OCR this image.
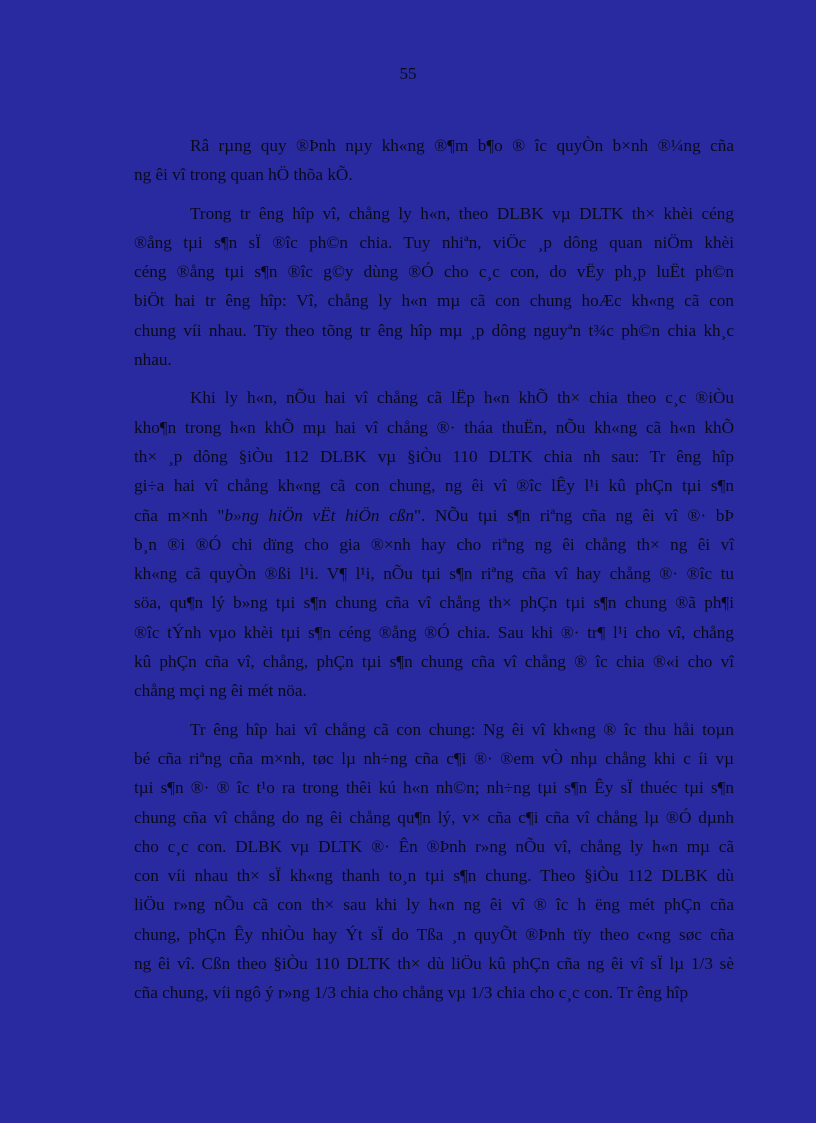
55
Râ rµng quy ®Þnh nµy kh«ng ®¶m b¶o ® îc quyÒn b×nh ®¼ng cña
ng êi vî trong quan hÖ thõa kÕ.
Trong tr êng hîp vî, chång ly h«n, theo DLBK vµ DLTK th× khèi céng
®ång tµi s¶n sÏ ®îc ph©n chia. Tuy nhiªn, viÖc ¸p dông quan niÖm khèi
céng ®ång tµi s¶n ®îc g©y dùng ®Ó cho c¸c con, do vËy ph¸p luËt ph©n
biÖt hai tr êng hîp: Vî, chång ly h«n mµ cã con chung hoÆc kh«ng cã con
chung víi nhau. Tïy theo tõng tr êng hîp mµ ¸p dông nguyªn t¾c ph©n chia kh¸c
nhau.
Khi ly h«n, nÕu hai vî chång cã lËp h«n khÕ th× chia theo c¸c ®iÒu
kho¶n trong h«n khÕ mµ hai vî chång ®· tháa thuËn, nÕu kh«ng cã h«n khÕ
th× ¸p dông §iÒu 112 DLBK vµ §iÒu 110 DLTK chia nh sau: Tr êng hîp
gi÷a hai vî chång kh«ng cã con chung, ng êi vî ®îc lÊy l¹i kû phÇn tµi s¶n
cña m×nh "b»ng hiÖn vËt hiÖn cßn". NÕu tµi s¶n riªng cña ng êi vî ®· bÞ
b¸n ®i ®Ó chi dïng cho gia ®×nh hay cho riªng ng êi chång th× ng êi vî
kh«ng cã quyÒn ®ßi l¹i. V¶ l¹i, nÕu tµi s¶n riªng cña vî hay chång ®· ®îc tu
söa, qu¶n lý b»ng tµi s¶n chung cña vî chång th× phÇn tµi s¶n chung ®ã ph¶i
®îc tÝnh vµo khèi tµi s¶n céng ®ång ®Ó chia. Sau khi ®· tr¶ l¹i cho vî, chång
kû phÇn cña vî, chång, phÇn tµi s¶n chung cña vî chång ® îc chia ®«i cho vî
chång mçi ng êi mét nöa.
Tr êng hîp hai vî chång cã con chung: Ng êi vî kh«ng ® îc thu håi toµn
bé cña riªng cña m×nh, tøc lµ nh÷ng cña c¶i ®· ®em vÒ nhµ chång khi c íi vµ
tµi s¶n ®· ® îc t¹o ra trong thêi kú h«n nh©n; nh÷ng tµi s¶n Êy sÏ thuéc tµi s¶n
chung cña vî chång do ng êi chång qu¶n lý, v× cña c¶i cña vî chång lµ ®Ó dµnh
cho c¸c con. DLBK vµ DLTK ®· Ên ®Þnh r»ng nÕu vî, chång ly h«n mµ cã
con víi nhau th× sÏ kh«ng thanh to¸n tµi s¶n chung. Theo §iÒu 112 DLBK dù
liÖu r»ng nÕu cã con th× sau khi ly h«n ng êi vî ® îc h ëng mét phÇn cña
chung, phÇn Êy nhiÒu hay Ýt sÏ do Tßa ¸n quyÕt ®Þnh tïy theo c«ng søc cña
ng êi vî. Cßn theo §iÒu 110 DLTK th× dù liÖu kû phÇn cña ng êi vî sÏ lµ 1/3 sè
cña chung, víi ngô ý r»ng 1/3 chia cho chång vµ 1/3 chia cho c¸c con. Tr êng hîp
